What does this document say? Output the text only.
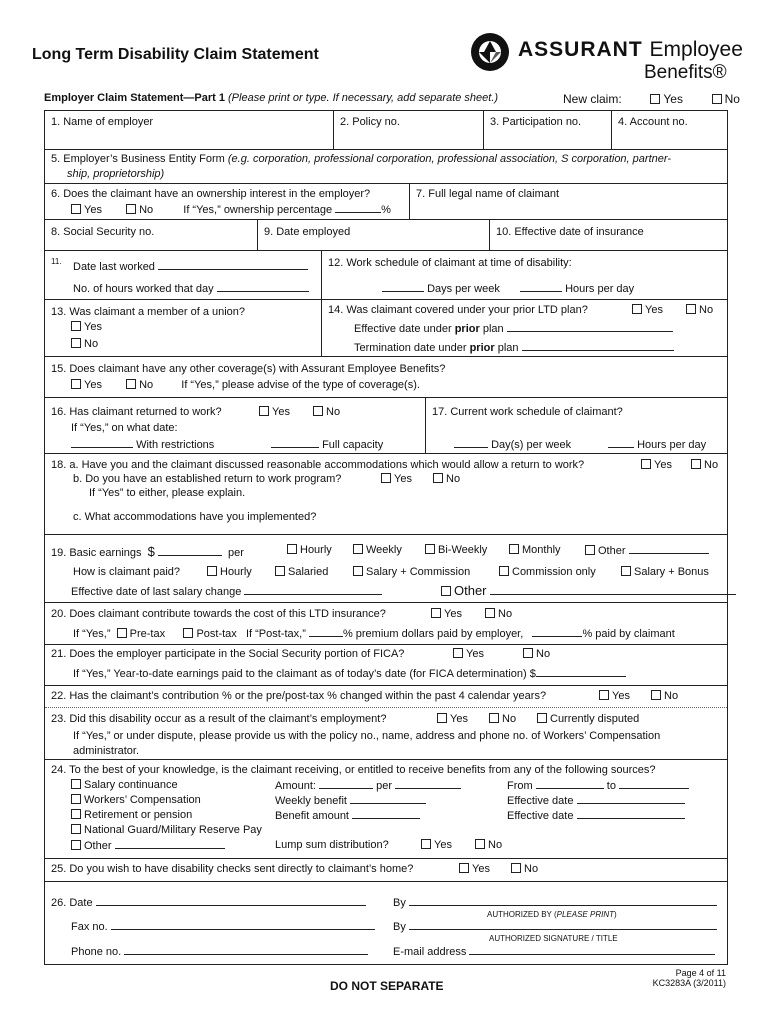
Long Term Disability Claim Statement	ASSURANT Employee
Benefits®
Employer Claim Statement—Part 1 (Please print or type. If necessary, add separate sheet.)	New claim:	Yes	No
1. Name of employer	2. Policy no.	3. Participation no.	4. Account no.
5. Employer’s Business Entity Form (e.g. corporation, professional corporation, professional association, S corporation, partner-
ship, proprietorship)
6. Does the claimant have an ownership interest in the employer?
Yes	No	If “Yes,” ownership percentage	%
7. Full legal name of claimant
8. Social Security no.	9. Date employed	10. Effective date of insurance
11. Date last worked
No. of hours worked that day
12. Work schedule of claimant at time of disability:
Days per week	Hours per day
13. Was claimant a member of a union?
Yes
No
14. Was claimant covered under your prior LTD plan?	Yes	No
Effective date under prior plan
Termination date under prior plan
15. Does claimant have any other coverage(s) with Assurant Employee Benefits?
Yes	No	If “Yes,” please advise of the type of coverage(s).
16. Has claimant returned to work?	Yes	No
If “Yes,” on what date:
With restrictions	Full capacity
17. Current work schedule of claimant?
Day(s) per week	Hours per day
18. a. Have you and the claimant discussed reasonable accommodations which would allow a return to work?	Yes	No
b. Do you have an established return to work program?	Yes	No
If “Yes” to either, please explain.
c. What accommodations have you implemented?
19. Basic earnings $	per	Hourly	Weekly	Bi-Weekly	Monthly	Other
How is claimant paid?	Hourly	Salaried	Salary + Commission	Commission only	Salary + Bonus
Effective date of last salary change	Other
20. Does claimant contribute towards the cost of this LTD insurance?	Yes	No
If “Yes,” Pre-tax	Post-tax If “Post-tax,”	% premium dollars paid by employer,	% paid by claimant
21. Does the employer participate in the Social Security portion of FICA?	Yes	No
If “Yes,” Year-to-date earnings paid to the claimant as of today’s date (for FICA determination) $
22. Has the claimant’s contribution % or the pre/post-tax % changed within the past 4 calendar years?	Yes	No
23. Did this disability occur as a result of the claimant’s employment?	Yes	No	Currently disputed
If “Yes,” or under dispute, please provide us with the policy no., name, address and phone no. of Workers’ Compensation
administrator.
24. To the best of your knowledge, is the claimant receiving, or entitled to receive benefits from any of the following sources?
Salary continuance
Workers’ Compensation
Retirement or pension
National Guard/Military Reserve Pay
Other
Amount:	per	From	to
Weekly benefit	Effective date
Benefit amount	Effective date
Lump sum distribution?	Yes	No
25. Do you wish to have disability checks sent directly to claimant’s home?	Yes	No
26. Date
Fax no.
Phone no.
By
AUTHORIZED BY (PLEASE PRINT)
By
AUTHORIZED SIGNATURE / TITLE
E-mail address
DO NOT SEPARATE
Page 4 of 11
KC3283A (3/2011)
